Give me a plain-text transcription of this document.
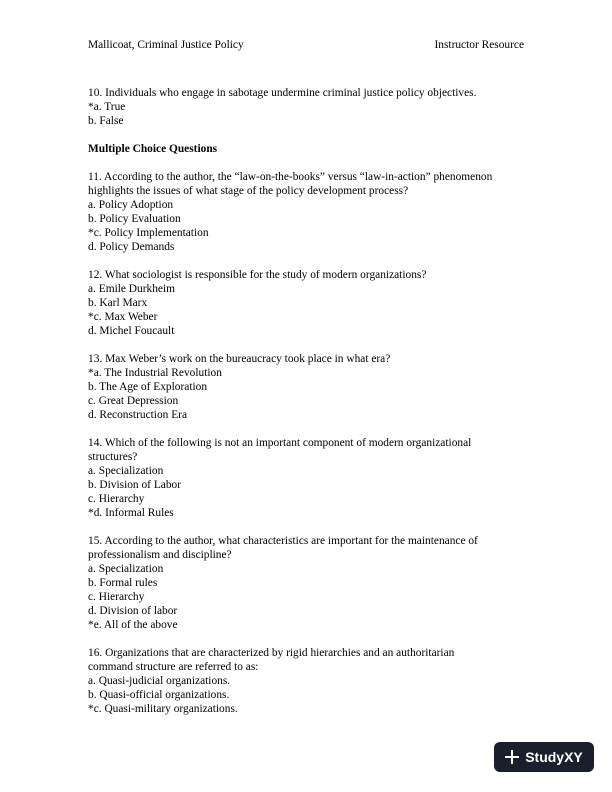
Mallicoat, Criminal Justice Policy	Instructor Resource

10. Individuals who engage in sabotage undermine criminal justice policy objectives.

*a. True

b. False

Multiple Choice Questions

11. According to the author, the “law-on-the-books” versus “law-in-action” phenomenon

highlights the issues of what stage of the policy development process?

a. Policy Adoption

b. Policy Evaluation

*c. Policy Implementation

d. Policy Demands

12. What sociologist is responsible for the study of modern organizations?

a. Emile Durkheim

b. Karl Marx

*c. Max Weber

d. Michel Foucault

13. Max Weber’s work on the bureaucracy took place in what era?

*a. The Industrial Revolution

b. The Age of Exploration

c. Great Depression

d. Reconstruction Era

14. Which of the following is not an important component of modern organizational

structures?

a. Specialization

b. Division of Labor

c. Hierarchy

*d. Informal Rules

15. According to the author, what characteristics are important for the maintenance of

professionalism and discipline?

a. Specialization

b. Formal rules

c. Hierarchy

d. Division of labor

*e. All of the above

16. Organizations that are characterized by rigid hierarchies and an authoritarian

command structure are referred to as:

a. Quasi-judicial organizations.

b. Quasi-official organizations.

*c. Quasi-military organizations.

StudyXY
